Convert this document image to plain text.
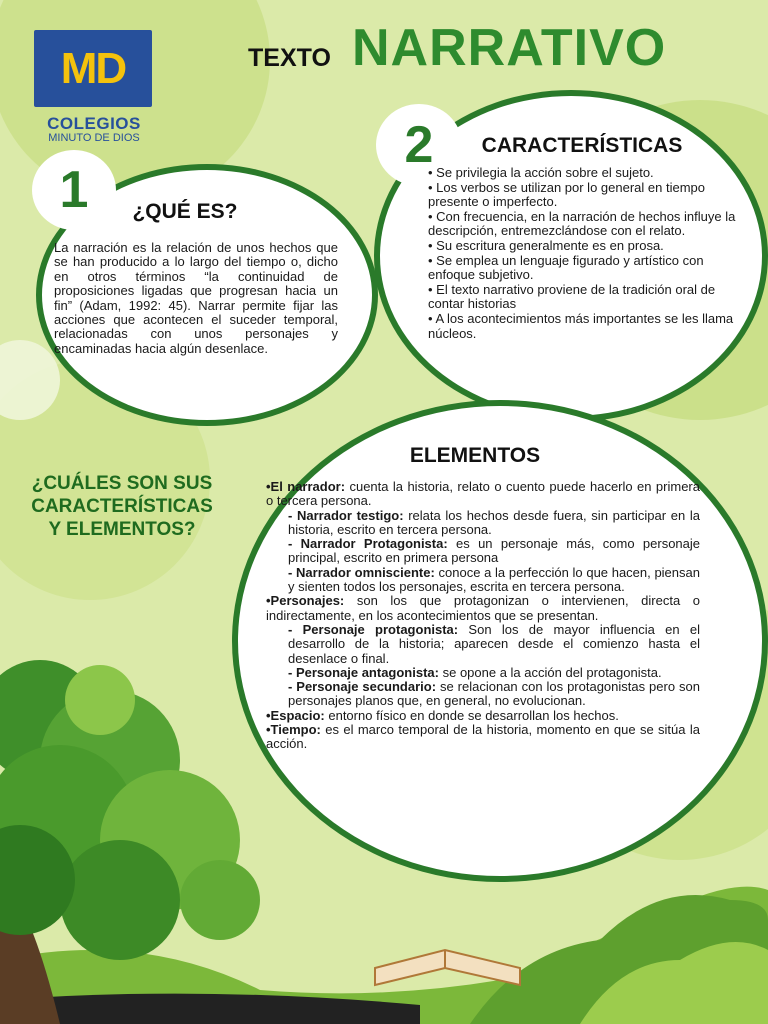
MD
COLEGIOS
MINUTO DE DIOS
TEXTO NARRATIVO
1	¿QUÉ ES?
La narración es la relación de unos hechos que se han producido a lo largo del tiempo o, dicho en otros términos “la continuidad de proposiciones ligadas que progresan hacia un fin” (Adam, 1992: 45). Narrar permite fijar las acciones que acontecen el suceder temporal, relacionadas con unos personajes y encaminadas hacia algún desenlace.
2	CARACTERÍSTICAS
• Se privilegia la acción sobre el sujeto.
• Los verbos se utilizan por lo general en tiempo presente o imperfecto.
• Con frecuencia, en la narración de hechos influye la descripción, entremezclándose con el relato.
• Su escritura generalmente es en prosa.
• Se emplea un lenguaje figurado y artístico con enfoque subjetivo.
• El texto narrativo proviene de la tradición oral de contar historias
• A los acontecimientos más importantes se les llama núcleos.
¿CUÁLES SON SUS
CARACTERÍSTICAS
Y ELEMENTOS?
ELEMENTOS
•El narrador: cuenta la historia, relato o cuento puede hacerlo en primera o tercera persona.
- Narrador testigo: relata los hechos desde fuera, sin participar en la historia, escrito en tercera persona.
- Narrador Protagonista: es un personaje más, como personaje principal, escrito en primera persona
- Narrador omnisciente: conoce a la perfección lo que hacen, piensan y sienten todos los personajes, escrita en tercera persona.
•Personajes: son los que protagonizan o intervienen, directa o indirectamente, en los acontecimientos que se presentan.
- Personaje protagonista: Son los de mayor influencia en el desarrollo de la historia; aparecen desde el comienzo hasta el desenlace o final.
- Personaje antagonista: se opone a la acción del protagonista.
- Personaje secundario: se relacionan con los protagonistas pero son personajes planos que, en general, no evolucionan.
•Espacio: entorno físico en donde se desarrollan los hechos.
•Tiempo: es el marco temporal de la historia, momento en que se sitúa la acción.
